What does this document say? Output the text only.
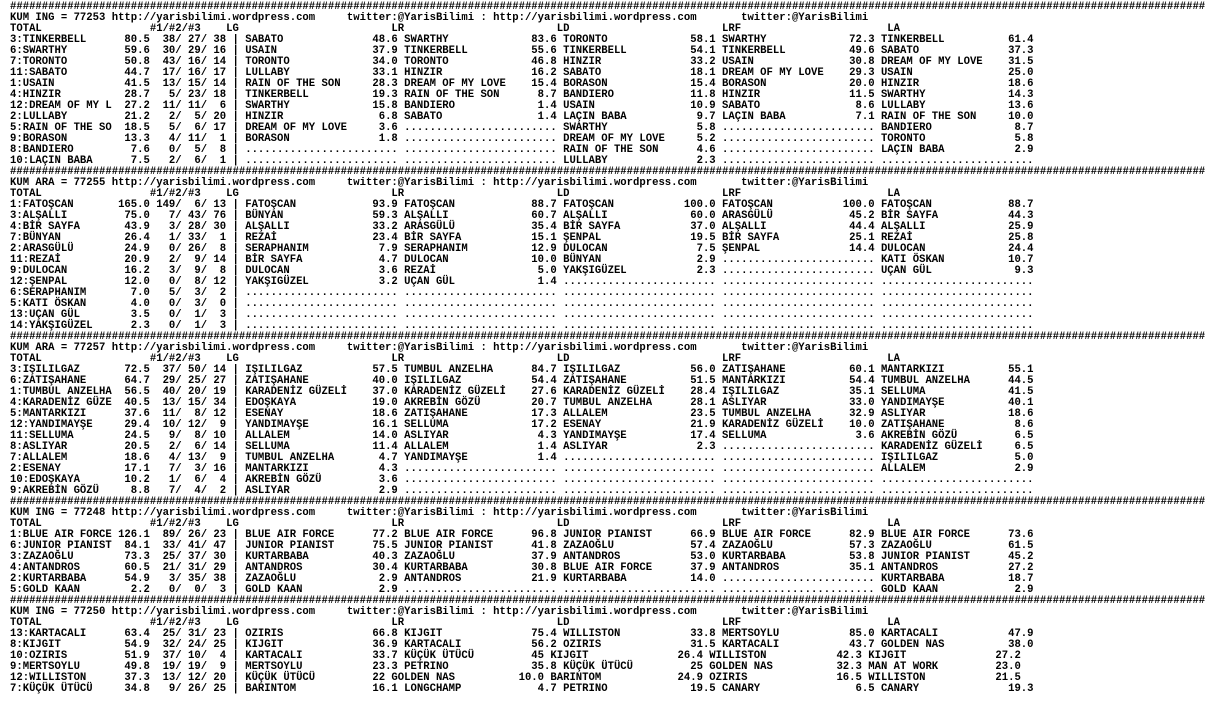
############################################################################################################################################################################################
KUM ING = 77253 http://yarisbilimi.wordpress.com     twitter:@YarisBilimi : http://yarisbilimi.wordpress.com       twitter:@YarisBilimi
TOTAL                 #1/#2/#3    LG                        LR                        LD                        LRF                       LA
3:TINKERBELL      80.5  38/ 27/ 38 | SABATO              48.6 SWARTHY             83.6 TORONTO             58.1 SWARTHY             72.3 TINKERBELL          61.4
6:SWARTHY         59.6  30/ 29/ 16 | USAIN               37.9 TINKERBELL          55.6 TINKERBELL          54.1 TINKERBELL          49.6 SABATO              37.3
7:TORONTO         50.8  43/ 16/ 14 | TORONTO             34.0 TORONTO             46.8 HINZIR              33.2 USAIN               30.8 DREAM OF MY LOVE    31.5
11:SABATO         44.7  17/ 16/ 17 | LULLABY             33.1 HINZIR              16.2 SABATO              18.1 DREAM OF MY LOVE    29.3 USAIN               25.0
1:USAIN           41.5  13/ 15/ 14 | RAIN OF THE SON     28.3 DREAM OF MY LOVE    15.4 BORASON             15.4 BORASON             20.0 HINZIR              18.6
4:HINZIR          28.7   5/ 23/ 18 | TINKERBELL          19.3 RAIN OF THE SON      8.7 BANDIERO            11.8 HINZIR              11.5 SWARTHY             14.3
12:DREAM OF MY L  27.2  11/ 11/  6 | SWARTHY             15.8 BANDIERO             1.4 USAIN               10.9 SABATO               8.6 LULLABY             13.6
2:LULLABY         21.2   2/  5/ 20 | HINZIR               6.8 SABATO               1.4 LAÇIN BABA           9.7 LAÇIN BABA           7.1 RAIN OF THE SON     10.0
5:RAIN OF THE SO  18.5   5/  6/ 17 | DREAM OF MY LOVE     3.6 ........................ SWARTHY              5.8 ........................ BANDIERO             8.7
9:BORASON         13.3   4/ 11/  1 | BORASON              1.8 ........................ DREAM OF MY LOVE     5.2 ........................ TORONTO              5.8
8:BANDIERO         7.6   0/  5/  8 | ........................ ........................ RAIN OF THE SON      4.6 ........................ LAÇIN BABA           2.9
10:LAÇIN BABA      7.5   2/  6/  1 | ........................ ........................ LULLABY              2.3 ........................ ........................
############################################################################################################################################################################################
KUM ARA = 77255 http://yarisbilimi.wordpress.com     twitter:@YarisBilimi : http://yarisbilimi.wordpress.com       twitter:@YarisBilimi
TOTAL                 #1/#2/#3    LG                        LR                        LD                        LRF                       LA
1:FATOŞCAN       165.0 149/  6/ 13 | FATOŞCAN            93.9 FATOŞCAN            88.7 FATOŞCAN           100.0 FATOŞCAN           100.0 FATOŞCAN            88.7
3:ALŞALLI         75.0   7/ 43/ 76 | BÜNYAN              59.3 ALŞALLI             60.7 ALŞALLI             60.0 ARASGÜLÜ            45.2 BİR SAYFA           44.3
4:BİR SAYFA       43.9   3/ 28/ 30 | ALŞALLI             33.2 ARASGÜLÜ            35.4 BİR SAYFA           37.0 ALŞALLI             44.4 ALŞALLI             25.9
7:BÜNYAN          26.4   1/ 33/  1 | REZAİ               23.4 BİR SAYFA           15.1 ŞENPAL              19.5 BİR SAYFA           25.1 REZAİ               25.8
2:ARASGÜLÜ        24.9   0/ 26/  8 | SERAPHANIM           7.9 SERAPHANIM          12.9 DULOCAN              7.5 ŞENPAL              14.4 DULOCAN             24.4
11:REZAİ          20.9   2/  9/ 14 | BİR SAYFA            4.7 DULOCAN             10.0 BÜNYAN               2.9 ........................ KATI ÖSKAN          10.7
9:DULOCAN         16.2   3/  9/  8 | DULOCAN              3.6 REZAİ                5.0 YAKŞIGÜZEL           2.3 ........................ UÇAN GÜL             9.3
12:ŞENPAL         12.0   0/  8/ 12 | YAKŞIGÜZEL           3.2 UÇAN GÜL             1.4 ........................ ........................ ........................
6:SERAPHANIM       7.0   5/  3/  2 | ........................ ........................ ........................ ........................ ........................
5:KATI ÖSKAN       4.0   0/  3/  0 | ........................ ........................ ........................ ........................ ........................
13:UÇAN GÜL        3.5   0/  1/  3 | ........................ ........................ ........................ ........................ ........................
14:YAKŞIGÜZEL      2.3   0/  1/  3 | ........................ ........................ ........................ ........................ ........................
############################################################################################################################################################################################
KUM ARA = 77257 http://yarisbilimi.wordpress.com     twitter:@YarisBilimi : http://yarisbilimi.wordpress.com       twitter:@YarisBilimi
TOTAL                 #1/#2/#3    LG                        LR                        LD                        LRF                       LA
3:IŞILILGAZ       72.5  37/ 50/ 14 | IŞILILGAZ           57.5 TUMBUL ANZELHA      84.7 IŞILILGAZ           56.0 ZATIŞAHANE          60.1 MANTARKIZI          55.1
6:ZATIŞAHANE      64.7  29/ 25/ 27 | ZATIŞAHANE          40.0 IŞILILGAZ           54.4 ZATIŞAHANE          51.5 MANTARKIZI          54.4 TUMBUL ANZELHA      44.5
1:TUMBUL ANZELHA  56.5  40/ 20/ 19 | KARADENİZ GÜZELİ    37.0 KARADENİZ GÜZELİ    27.6 KARADENİZ GÜZELİ    28.4 IŞILILGAZ           35.1 SELLUMA             41.5
4:KARADENİZ GÜZE  40.5  13/ 15/ 34 | EDOŞKAYA            19.0 AKREBİN GÖZÜ        20.7 TUMBUL ANZELHA      28.1 ASLIYAR             33.0 YANDIMAYŞE          40.1
5:MANTARKIZI      37.6  11/  8/ 12 | ESENAY              18.6 ZATIŞAHANE          17.3 ALLALEM             23.5 TUMBUL ANZELHA      32.9 ASLIYAR             18.6
12:YANDIMAYŞE     29.4  10/ 12/  9 | YANDIMAYŞE          16.1 SELLUMA             17.2 ESENAY              21.9 KARADENİZ GÜZELİ    10.0 ZATIŞAHANE           8.6
11:SELLUMA        24.5   9/  8/ 10 | ALLALEM             14.0 ASLIYAR              4.3 YANDIMAYŞE          17.4 SELLUMA              3.6 AKREBİN GÖZÜ         6.5
8:ASLIYAR         20.5   2/  6/ 14 | SELLUMA             11.4 ALLALEM              1.4 ASLIYAR              2.3 ........................ KARADENİZ GÜZELİ     6.5
7:ALLALEM         18.6   4/ 13/  9 | TUMBUL ANZELHA       4.7 YANDIMAYŞE           1.4 ........................ ........................ IŞILILGAZ            5.0
2:ESENAY          17.1   7/  3/ 16 | MANTARKIZI           4.3 ........................ ........................ ........................ ALLALEM              2.9
10:EDOŞKAYA       10.2   1/  6/  4 | AKREBİN GÖZÜ         3.6 ........................ ........................ ........................ ........................
9:AKREBİN GÖZÜ     8.8   7/  4/  2 | ASLIYAR              2.9 ........................ ........................ ........................ ........................
############################################################################################################################################################################################
KUM ING = 77248 http://yarisbilimi.wordpress.com     twitter:@YarisBilimi : http://yarisbilimi.wordpress.com       twitter:@YarisBilimi
TOTAL                 #1/#2/#3    LG                        LR                        LD                        LRF                       LA
1:BLUE AIR FORCE 126.1  89/ 26/ 23 | BLUE AIR FORCE      77.2 BLUE AIR FORCE      96.8 JUNIOR PIANIST      66.9 BLUE AIR FORCE      82.9 BLUE AIR FORCE      73.6
6:JUNIOR PIANIST  84.1  33/ 41/ 47 | JUNIOR PIANIST      75.5 JUNIOR PIANIST      41.8 ZAZAOĞLU            57.4 ZAZAOĞLU            57.3 ZAZAOĞLU            61.5
3:ZAZAOĞLU        73.3  25/ 37/ 30 | KURTARBABA          40.3 ZAZAOĞLU            37.9 ANTANDROS           53.0 KURTARBABA          53.8 JUNIOR PIANIST      45.2
4:ANTANDROS       60.5  21/ 31/ 29 | ANTANDROS           30.4 KURTARBABA          30.8 BLUE AIR FORCE      37.9 ANTANDROS           35.1 ANTANDROS           27.2
2:KURTARBABA      54.9   3/ 35/ 38 | ZAZAOĞLU             2.9 ANTANDROS           21.9 KURTARBABA          14.0 ........................ KURTARBABA          18.7
5:GOLD KAAN        2.2   0/  0/  3 | GOLD KAAN            2.9 ........................ ........................ ........................ GOLD KAAN            2.9
############################################################################################################################################################################################
KUM ING = 77250 http://yarisbilimi.wordpress.com     twitter:@YarisBilimi : http://yarisbilimi.wordpress.com       twitter:@YarisBilimi
TOTAL                 #1/#2/#3    LG                        LR                        LD                        LRF                       LA
13:KARTACALI      63.4  25/ 31/ 23 | OZIRIS              66.8 KIJGIT              75.4 WILLISTON           33.8 MERTSOYLU           85.0 KARTACALI           47.9
8:KIJGIT          54.9  32/ 24/ 25 | KIJGIT              36.9 KARTACALI           56.2 OZIRIS              31.5 KARTACALI           43.7 GOLDEN NAS          38.0
10:OZIRIS         51.9  37/ 10/  4 | KARTACALI           33.7 KÜÇÜK ÜTÜCÜ         45 KIJGIT              26.4 WILLISTON           42.3 KIJGIT              27.2
9:MERTSOYLU       49.8  19/ 19/  9 | MERTSOYLU           23.3 PETRINO             35.8 KÜÇÜK ÜTÜCÜ         25 GOLDEN NAS          32.3 MAN AT WORK         23.0
12:WILLISTON      37.3  13/ 12/ 20 | KÜÇÜK ÜTÜCÜ         22 GOLDEN NAS          10.0 BARINTOM            24.9 OZIRIS              16.5 WILLISTON           21.5
7:KÜÇÜK ÜTÜCÜ     34.8   9/ 26/ 25 | BARINTOM            16.1 LONGCHAMP            4.7 PETRINO             19.5 CANARY               6.5 CANARY              19.3
